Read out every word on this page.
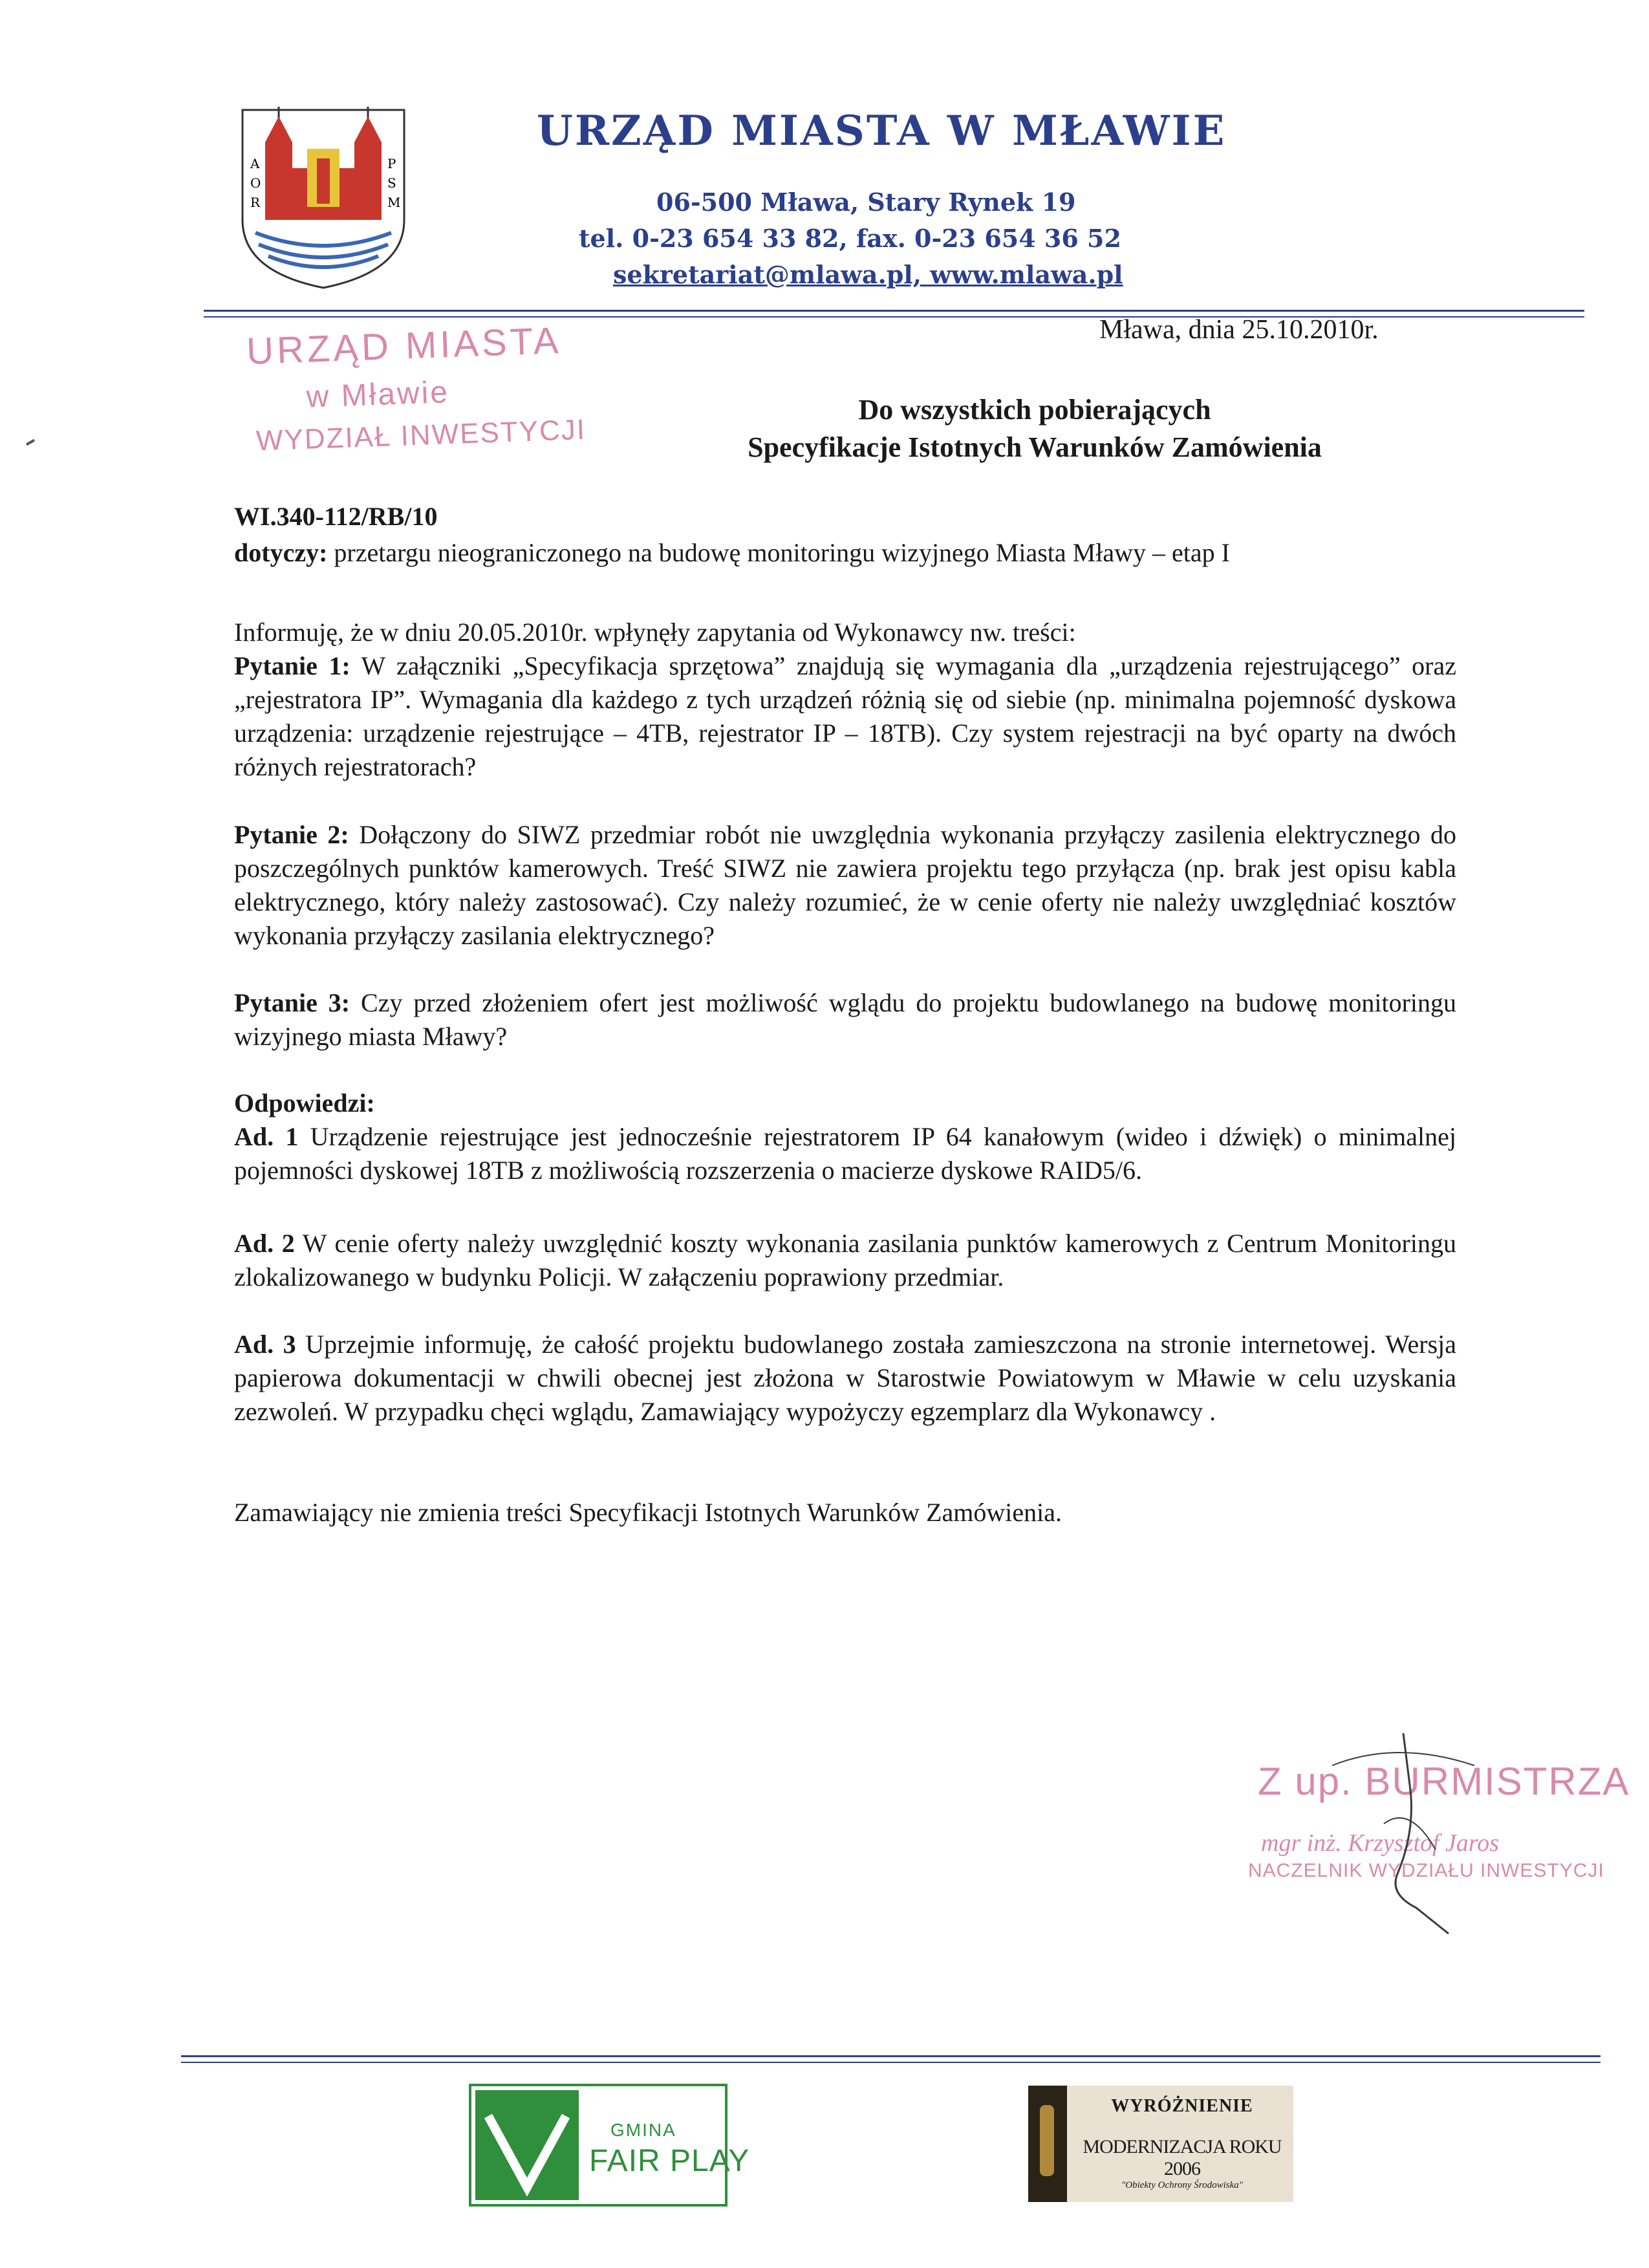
A
O
R
P
S
M
URZĄD MIASTA W MŁAWIE
06-500 Mława, Stary Rynek 19
tel. 0-23 654 33 82, fax. 0-23 654 36 52
sekretariat@mlawa.pl, www.mlawa.pl
Mława, dnia 25.10.2010r.
URZĄD MIASTA
w Mławie
WYDZIAŁ INWESTYCJI
Do wszystkich pobierających
Specyfikacje Istotnych Warunków Zamówienia
WI.340-112/RB/10
dotyczy: przetargu nieograniczonego na budowę monitoringu wizyjnego Miasta Mławy – etap I
Informuję, że w dniu 20.05.2010r. wpłynęły zapytania od Wykonawcy nw. treści:
Pytanie 1: W załączniki „Specyfikacja sprzętowa” znajdują się wymagania dla „urządzenia rejestrującego” oraz „rejestratora IP”. Wymagania dla każdego z tych urządzeń różnią się od siebie (np. minimalna pojemność dyskowa urządzenia: urządzenie rejestrujące – 4TB, rejestrator IP – 18TB). Czy system rejestracji na być oparty na dwóch różnych rejestratorach?
Pytanie 2: Dołączony do SIWZ przedmiar robót nie uwzględnia wykonania przyłączy zasilenia elektrycznego do poszczególnych punktów kamerowych. Treść SIWZ nie zawiera projektu tego przyłącza (np. brak jest opisu kabla elektrycznego, który należy zastosować). Czy należy rozumieć, że w cenie oferty nie należy uwzględniać kosztów wykonania przyłączy zasilania elektrycznego?
Pytanie 3: Czy przed złożeniem ofert jest możliwość wglądu do projektu budowlanego na budowę monitoringu wizyjnego miasta Mławy?
Odpowiedzi:
Ad. 1 Urządzenie rejestrujące jest jednocześnie rejestratorem IP 64 kanałowym (wideo i dźwięk) o minimalnej pojemności dyskowej 18TB z możliwością rozszerzenia o macierze dyskowe RAID5/6.
Ad. 2 W cenie oferty należy uwzględnić koszty wykonania zasilania punktów kamerowych z Centrum Monitoringu zlokalizowanego w budynku Policji. W załączeniu poprawiony przedmiar.
Ad. 3 Uprzejmie informuję, że całość projektu budowlanego została zamieszczona na stronie internetowej. Wersja papierowa dokumentacji w chwili obecnej jest złożona w Starostwie Powiatowym w Mławie w celu uzyskania zezwoleń. W przypadku chęci wglądu, Zamawiający wypożyczy egzemplarz dla Wykonawcy .
Zamawiający nie zmienia treści Specyfikacji Istotnych Warunków Zamówienia.
Z up. BURMISTRZA
mgr inż. Krzysztof Jaros
NACZELNIK WYDZIAŁU INWESTYCJI
GMINA
FAIR PLAY
WYRÓŻNIENIE
MODERNIZACJA ROKU 2006
"Obiekty Ochrony Środowiska"
